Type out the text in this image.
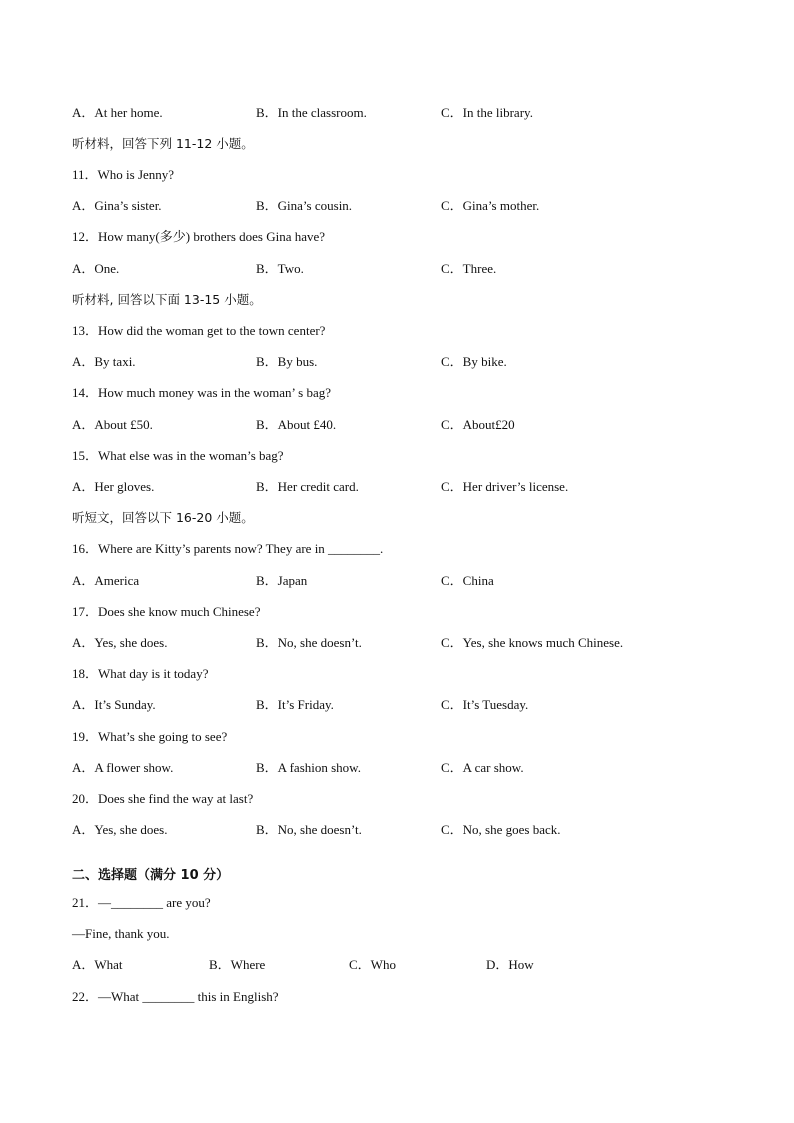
A．At her home.	B．In the classroom.	C．In the library.
听材料，回答下列 11-12 小题。
11．Who is Jenny?
A．Gina’s sister.	B．Gina’s cousin.	C．Gina’s mother.
12．How many(多少) brothers does Gina have?
A．One.	B．Two.	C．Three.
听材料, 回答以下面 13-15 小题。
13．How did the woman get to the town center?
A．By taxi.	B．By bus.	C．By bike.
14．How much money was in the woman’ s bag?
A．About £50.	B．About £40.	C．About£20
15．What else was in the woman’s bag?
A．Her gloves.	B．Her credit card.	C．Her driver’s license.
听短文，回答以下 16-20 小题。
16．Where are Kitty’s parents now? They are in ________.
A．America	B．Japan	C．China
17．Does she know much Chinese?
A．Yes, she does.	B．No, she doesn’t.	C．Yes, she knows much Chinese.
18．What day is it today?
A．It’s Sunday.	B．It’s Friday.	C．It’s Tuesday.
19．What’s she going to see?
A．A flower show.	B．A fashion show.	C．A car show.
20．Does she find the way at last?
A．Yes, she does.	B．No, she doesn’t.	C．No, she goes back.
二、选择题（满分 10 分）
21．—________ are you?
—Fine, thank you.
A．What	B．Where	C．Who	D．How
22．—What ________ this in English?
